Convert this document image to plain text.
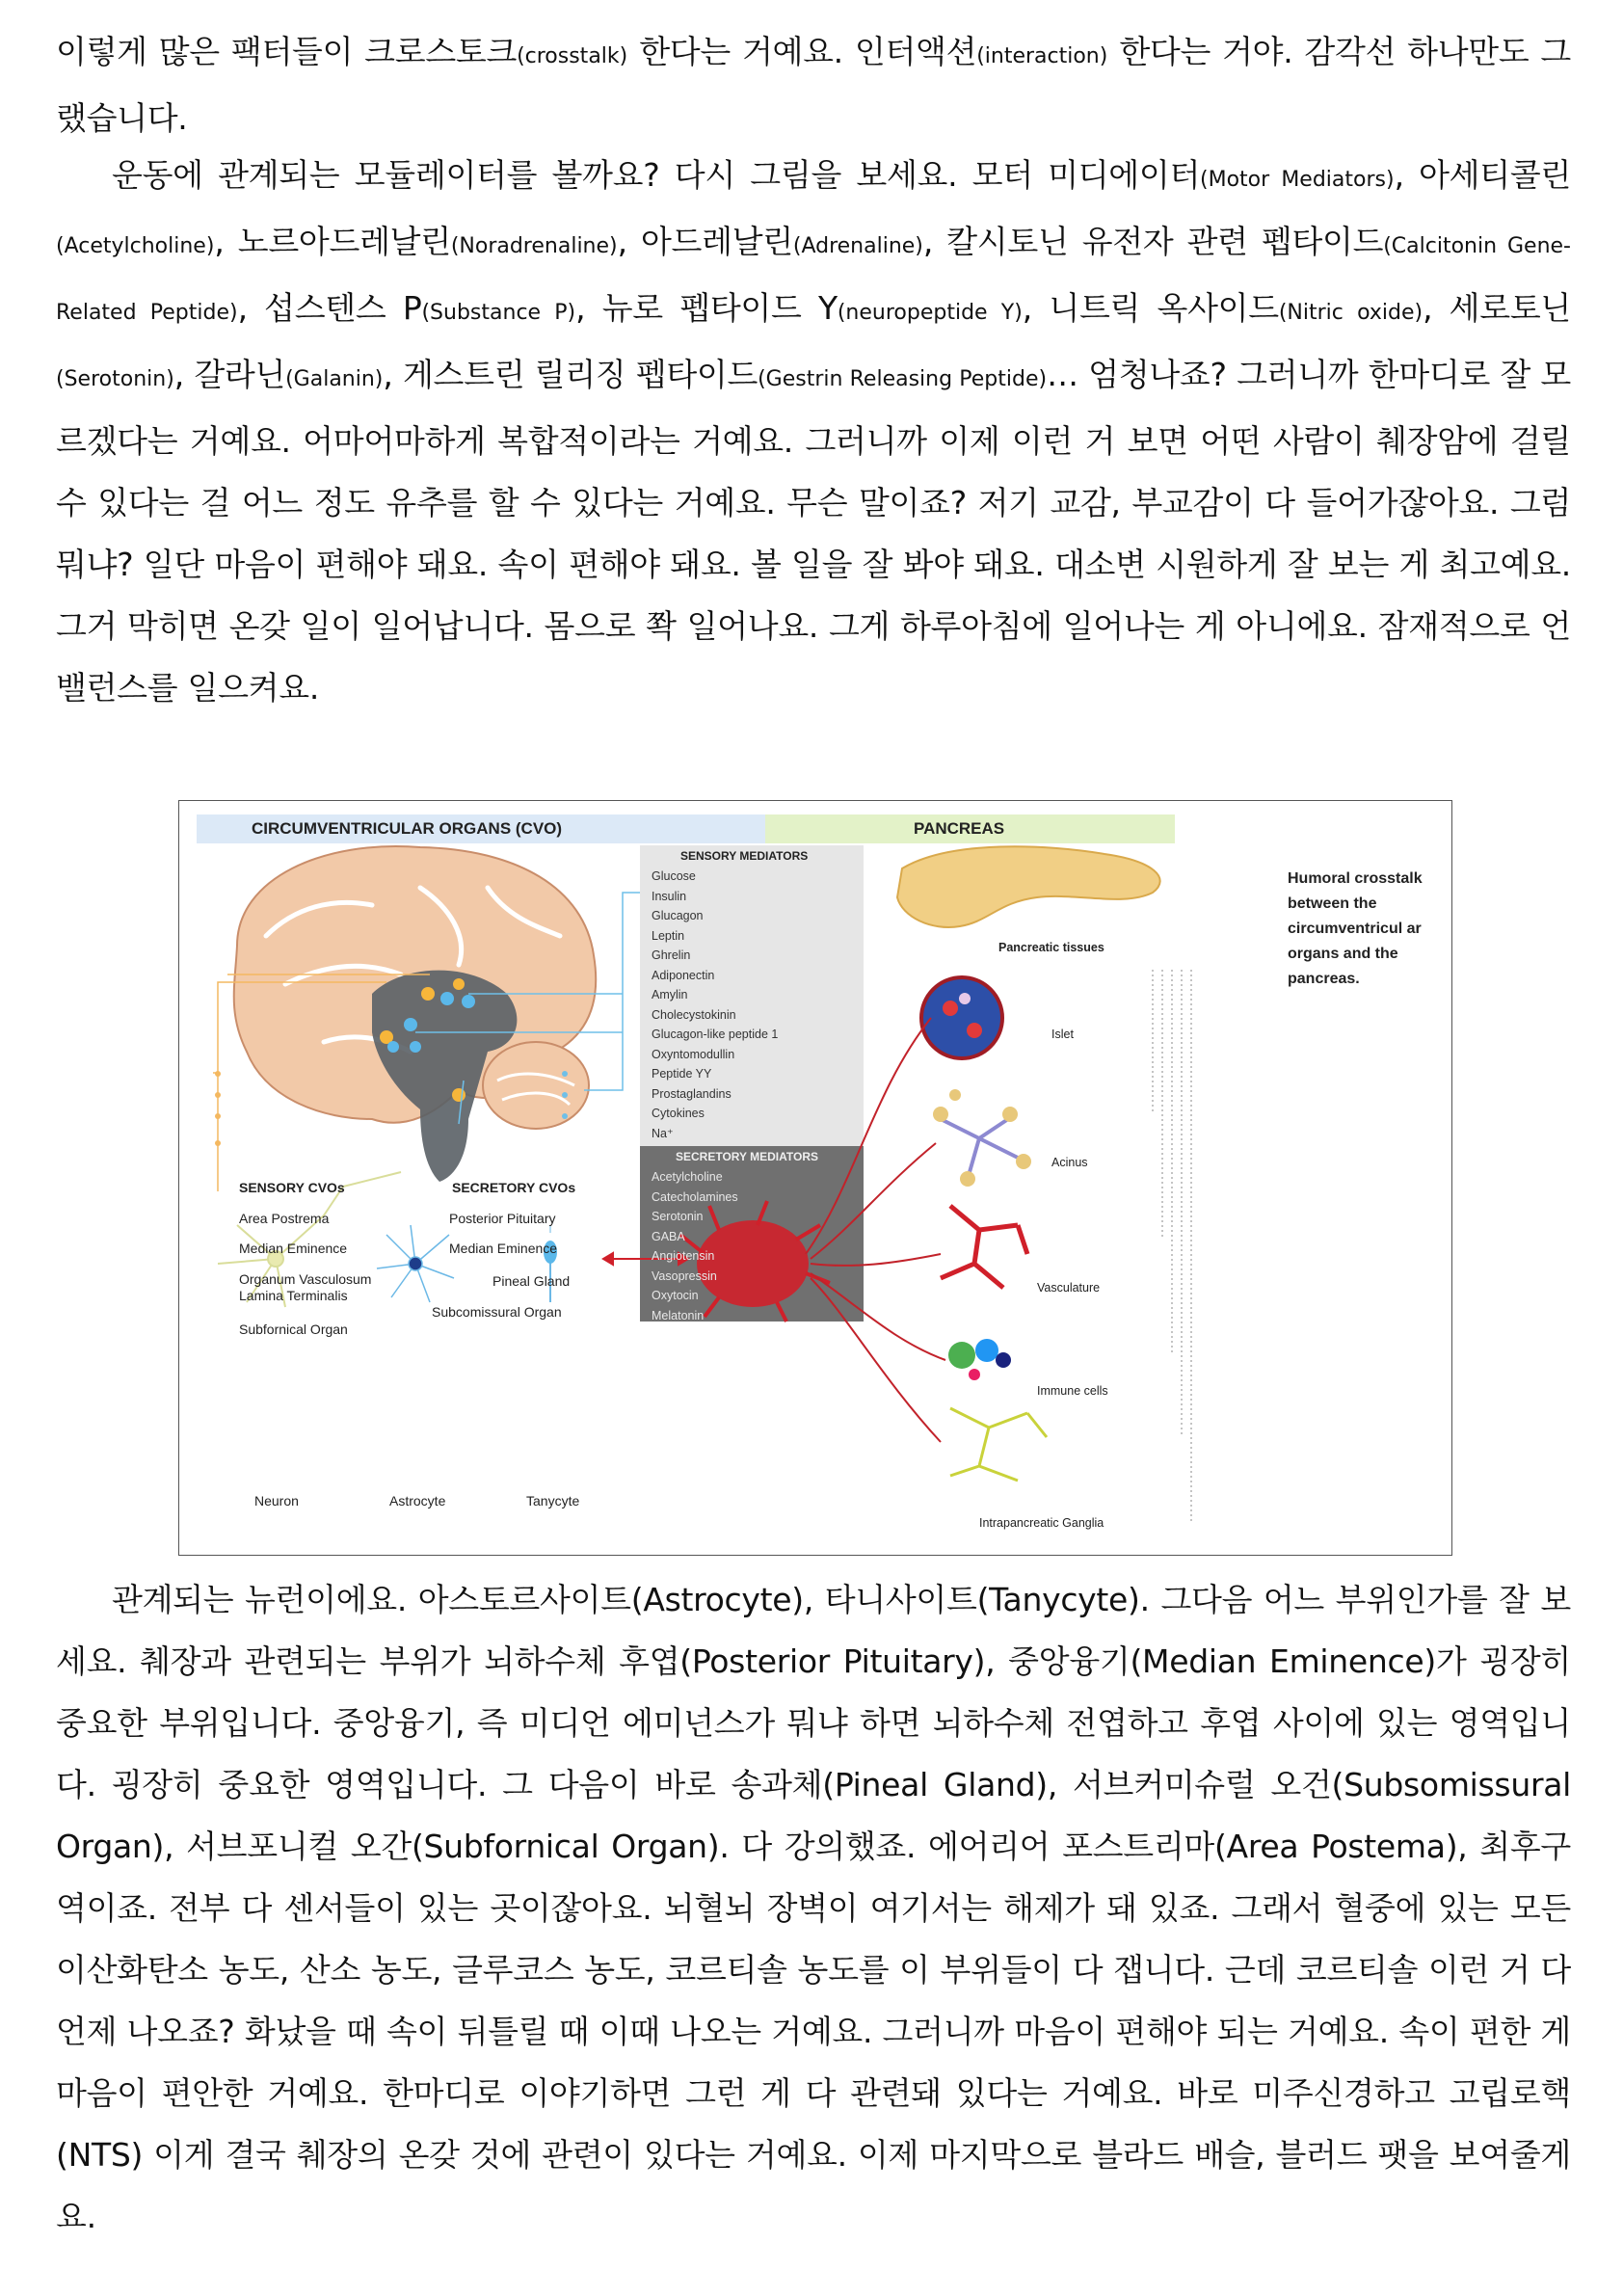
이렇게 많은 팩터들이 크로스토크(crosstalk) 한다는 거예요. 인터액션(interaction) 한다는 거야. 감각선 하나만도 그랬습니다.

운동에 관계되는 모듈레이터를 볼까요? 다시 그림을 보세요. 모터 미디에이터(Motor Mediators), 아세티콜린(Acetylcholine), 노르아드레날린(Noradrenaline), 아드레날린(Adrenaline), 칼시토닌 유전자 관련 펩타이드(Calcitonin Gene-Related Peptide), 섭스텐스 P(Substance P), 뉴로 펩타이드 Y(neuropeptide Y), 니트릭 옥사이드(Nitric oxide), 세로토닌(Serotonin), 갈라닌(Galanin), 게스트린 릴리징 펩타이드(Gestrin Releasing Peptide)… 엄청나죠? 그러니까 한마디로 잘 모르겠다는 거예요. 어마어마하게 복합적이라는 거예요. 그러니까 이제 이런 거 보면 어떤 사람이 췌장암에 걸릴 수 있다는 걸 어느 정도 유추를 할 수 있다는 거예요. 무슨 말이죠? 저기 교감, 부교감이 다 들어가잖아요. 그럼 뭐냐? 일단 마음이 편해야 돼요. 속이 편해야 돼요. 볼 일을 잘 봐야 돼요. 대소변 시원하게 잘 보는 게 최고예요. 그거 막히면 온갖 일이 일어납니다. 몸으로 쫙 일어나요. 그게 하루아침에 일어나는 게 아니에요. 잠재적으로 언밸런스를 일으켜요.

CIRCUMVENTRICULAR ORGANS (CVO)	PANCREAS
SENSORY MEDIATORS
Glucose
Insulin
Glucagon
Leptin
Ghrelin
Adiponectin
Amylin
Cholecystokinin
Glucagon-like peptide 1
Oxyntomodullin
Peptide YY
Prostaglandins
Cytokines
Na⁺
SECRETORY MEDIATORS
Acetylcholine
Catecholamines
Serotonin
GABA
Angiotensin
Vasopressin
Oxytocin
Melatonin
SENSORY CVOs
Area Postrema
Median Eminence
Organum Vasculosum
Lamina Terminalis
Subfornical Organ
SECRETORY CVOs
Posterior Pituitary
Median Eminence
Pineal Gland
Subcomissural Organ
Neuron	Astrocyte	Tanycyte
Pancreatic tissues
Islet
Acinus
Vasculature
Immune cells
Intrapancreatic Ganglia
Humoral crosstalk between the circumventricul ar organs and the pancreas.

관계되는 뉴런이에요. 아스토르사이트(Astrocyte), 타니사이트(Tanycyte). 그다음 어느 부위인가를 잘 보세요. 췌장과 관련되는 부위가 뇌하수체 후엽(Posterior Pituitary), 중앙융기(Median Eminence)가 굉장히 중요한 부위입니다. 중앙융기, 즉 미디언 에미넌스가 뭐냐 하면 뇌하수체 전엽하고 후엽 사이에 있는 영역입니다. 굉장히 중요한 영역입니다. 그 다음이 바로 송과체(Pineal Gland), 서브커미슈럴 오건(Subsomissural Organ), 서브포니컬 오간(Subfornical Organ). 다 강의했죠. 에어리어 포스트리마(Area Postema), 최후구역이죠. 전부 다 센서들이 있는 곳이잖아요. 뇌혈뇌 장벽이 여기서는 해제가 돼 있죠. 그래서 혈중에 있는 모든 이산화탄소 농도, 산소 농도, 글루코스 농도, 코르티솔 농도를 이 부위들이 다 잽니다. 근데 코르티솔 이런 거 다 언제 나오죠? 화났을 때 속이 뒤틀릴 때 이때 나오는 거예요. 그러니까 마음이 편해야 되는 거예요. 속이 편한 게 마음이 편안한 거예요. 한마디로 이야기하면 그런 게 다 관련돼 있다는 거예요. 바로 미주신경하고 고립로핵(NTS) 이게 결국 췌장의 온갖 것에 관련이 있다는 거예요. 이제 마지막으로 블라드 배슬, 블러드 팻을 보여줄게요.
